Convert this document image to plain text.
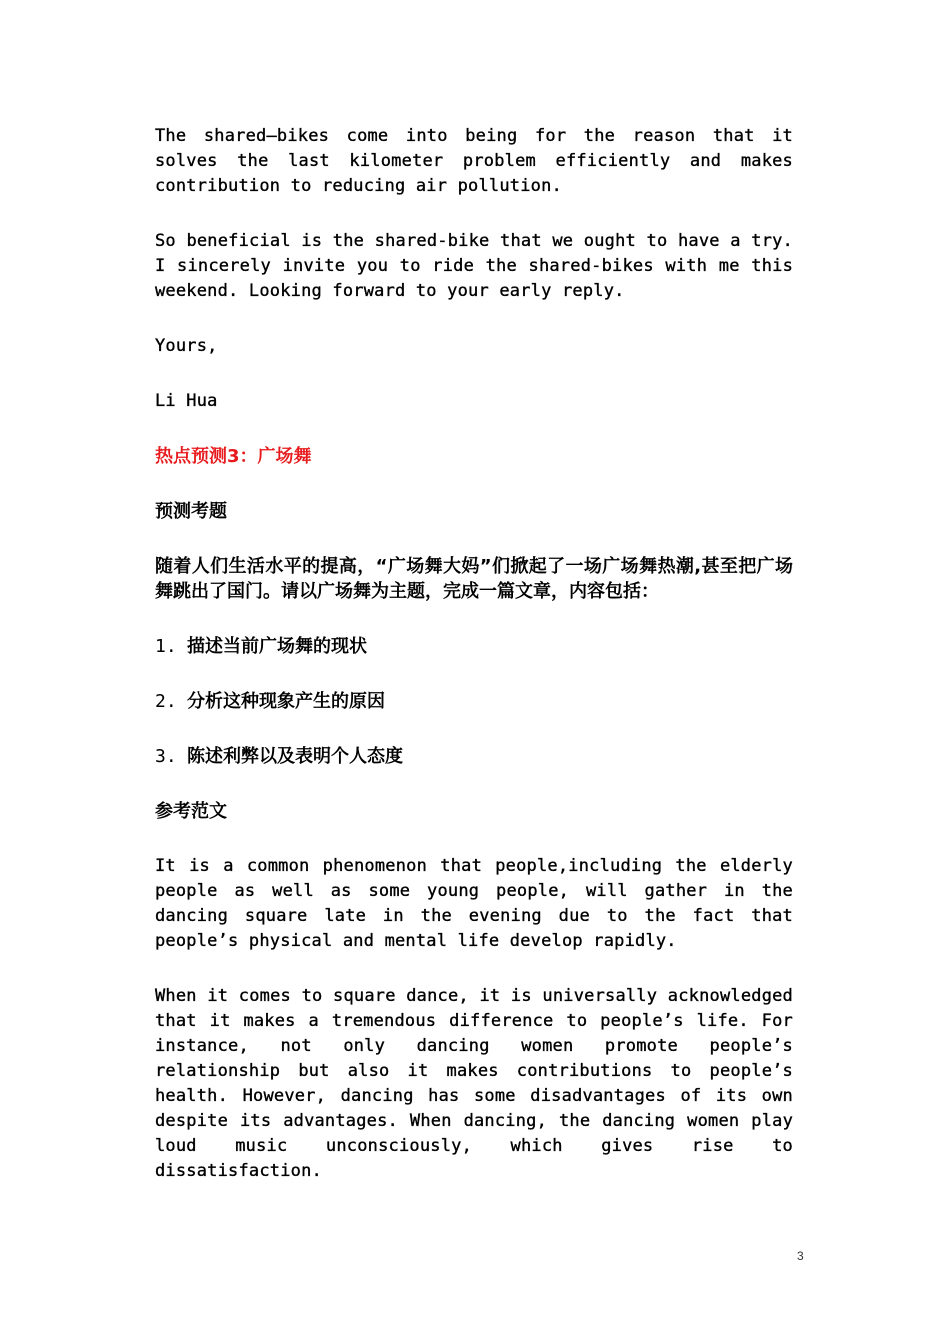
The shared—bikes come into being for the reason that it solves the last kilometer problem efficiently and makes contribution to reducing air pollution.

So beneficial is the shared-bike that we ought to have a try. I sincerely invite you to ride the shared-bikes with me this weekend. Looking forward to your early reply.

Yours,

Li Hua

热点预测3：广场舞

预测考题

随着人们生活水平的提高，“广场舞大妈”们掀起了一场广场舞热潮,甚至把广场舞跳出了国门。请以广场舞为主题，完成一篇文章，内容包括：

1. 描述当前广场舞的现状
2. 分析这种现象产生的原因
3. 陈述利弊以及表明个人态度

参考范文

It is a common phenomenon that people,including the elderly people as well as some young people, will gather in the dancing square late in the evening due to the fact that people’s physical and mental life develop rapidly.

When it comes to square dance, it is universally acknowledged that it makes a tremendous difference to people’s life. For instance, not only dancing women promote people’s relationship but also it makes contributions to people’s health. However, dancing has some disadvantages of its own despite its advantages. When dancing, the dancing women play loud music unconsciously, which gives rise to dissatisfaction.

3
